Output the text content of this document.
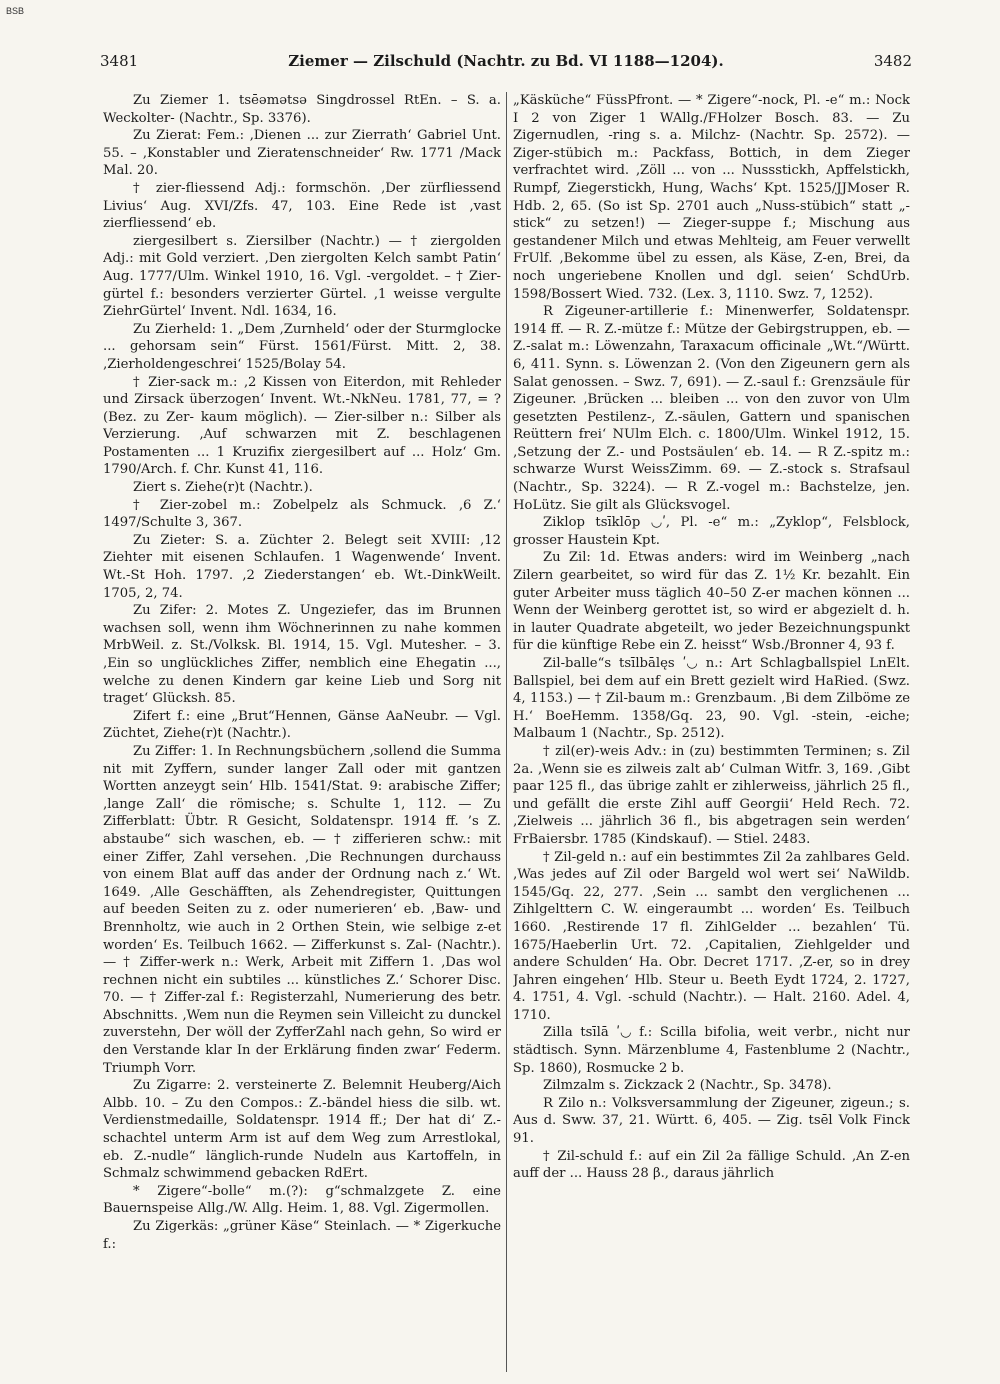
BSB
3481	Ziemer — Zilschuld (Nachtr. zu Bd. VI 1188—1204).	3482

Zu Ziemer 1. tsēəmətsə Singdrossel RtEn. – S. a. Weckolter- (Nachtr., Sp. 3376).

Zu Zierat: Fem.: ‚Dienen ... zur Zierrath‘ Gabriel Unt. 55. – ‚Konstabler und Zieratenschneider‘ Rw. 1771 /Mack Mal. 20.

† zier-fliessend Adj.: formschön. ‚Der zürfliessend Livius‘ Aug. XVI/Zfs. 47, 103. Eine Rede ist ‚vast zierfliessend‘ eb.

ziergesilbert s. Ziersilber (Nachtr.) — † ziergolden Adj.: mit Gold verziert. ‚Den ziergolten Kelch sambt Patin‘ Aug. 1777/Ulm. Winkel 1910, 16. Vgl. -vergoldet. – † Zier-gürtel f.: besonders verzierter Gürtel. ‚1 weisse vergulte ZiehrGürtel‘ Invent. Ndl. 1634, 16.

Zu Zierheld: 1. „Dem ‚Zurnheld‘ oder der Sturmglocke ... gehorsam sein“ Fürst. 1561/Fürst. Mitt. 2, 38. ‚Zierholdengeschrei‘ 1525/Bolay 54.

† Zier-sack m.: ‚2 Kissen von Eiterdon, mit Rehleder und Zirsack überzogen‘ Invent. Wt.-NkNeu. 1781, 77, = ? (Bez. zu Zer- kaum möglich). — Zier-silber n.: Silber als Verzierung. ‚Auf schwarzen mit Z. beschlagenen Postamenten ... 1 Kruzifix ziergesilbert auf ... Holz‘ Gm. 1790/Arch. f. Chr. Kunst 41, 116.

Ziert s. Ziehe(r)t (Nachtr.).

† Zier-zobel m.: Zobelpelz als Schmuck. ‚6 Z.‘ 1497/Schulte 3, 367.

Zu Zieter: S. a. Züchter 2. Belegt seit XVIII: ‚12 Ziehter mit eisenen Schlaufen. 1 Wagenwende‘ Invent. Wt.-St Hoh. 1797. ‚2 Ziederstangen‘ eb. Wt.-DinkWeilt. 1705, 2, 74.

Zu Zifer: 2. Motes Z. Ungeziefer, das im Brunnen wachsen soll, wenn ihm Wöchnerinnen zu nahe kommen MrbWeil. z. St./Volksk. Bl. 1914, 15. Vgl. Mutesher. – 3. ‚Ein so unglückliches Ziffer, nemblich eine Ehegatin ..., welche zu denen Kindern gar keine Lieb und Sorg nit traget‘ Glücksh. 85.

Zifert f.: eine „Brut“Hennen, Gänse AaNeubr. — Vgl. Züchtet, Ziehe(r)t (Nachtr.).

Zu Ziffer: 1. In Rechnungsbüchern ‚sollend die Summa nit mit Zyffern, sunder langer Zall oder mit gantzen Wortten anzeygt sein‘ Hlb. 1541/Stat. 9: arabische Ziffer; ‚lange Zall‘ die römische; s. Schulte 1, 112. — Zu Zifferblatt: Übtr. R Gesicht, Soldatenspr. 1914 ff. ’s Z. abstaube“ sich waschen, eb. — † zifferieren schw.: mit einer Ziffer, Zahl versehen. ‚Die Rechnungen durchauss von einem Blat auff das ander der Ordnung nach z.‘ Wt. 1649. ‚Alle Geschäfften, als Zehendregister, Quittungen auf beeden Seiten zu z. oder numerieren‘ eb. ‚Baw- und Brennholtz, wie auch in 2 Orthen Stein, wie selbige z-et worden‘ Es. Teilbuch 1662. — Zifferkunst s. Zal- (Nachtr.). — † Ziffer-werk n.: Werk, Arbeit mit Ziffern 1. ‚Das wol rechnen nicht ein subtiles ... künstliches Z.‘ Schorer Disc. 70. — † Ziffer-zal f.: Registerzahl, Numerierung des betr. Abschnitts. ‚Wem nun die Reymen sein Villeicht zu dunckel zuverstehn, Der wöll der ZyfferZahl nach gehn, So wird er den Verstande klar In der Erklärung finden zwar‘ Federm. Triumph Vorr.

Zu Zigarre: 2. versteinerte Z. Belemnit Heuberg/Aich Albb. 10. – Zu den Compos.: Z.-bändel hiess die silb. wt. Verdienstmedaille, Soldatenspr. 1914 ff.; Der hat di‘ Z.-schachtel unterm Arm ist auf dem Weg zum Arrestlokal, eb. Z.-nudle“ länglich-runde Nudeln aus Kartoffeln, in Schmalz schwimmend gebacken RdErt.

* Zigere“-bolle“ m.(?): g“schmalzgete Z. eine Bauernspeise Allg./W. Allg. Heim. 1, 88. Vgl. Zigermollen.

Zu Zigerkäs: „grüner Käse“ Steinlach. — * Zigerkuche f.:

„Käsküche“ FüssPfront. — * Zigere“-nock, Pl. -e“ m.: Nock I 2 von Ziger 1 WAllg./FHolzer Bosch. 83. — Zu Zigernudlen, -ring s. a. Milchz- (Nachtr. Sp. 2572). — Ziger-stübich m.: Packfass, Bottich, in dem Zieger verfrachtet wird. ‚Zöll ... von ... Nussstickh, Apffelstickh, Rumpf, Ziegerstickh, Hung, Wachs‘ Kpt. 1525/JJMoser R. Hdb. 2, 65. (So ist Sp. 2701 auch „Nuss-stübich“ statt „-stick“ zu setzen!) — Zieger-suppe f.; Mischung aus gestandener Milch und etwas Mehlteig, am Feuer verwellt FrUlf. ‚Bekomme übel zu essen, als Käse, Z-en, Brei, da noch ungeriebene Knollen und dgl. seien‘ SchdUrb. 1598/Bossert Wied. 732. (Lex. 3, 1110. Swz. 7, 1252).

R Zigeuner-artillerie f.: Minenwerfer, Soldatenspr. 1914 ff. — R. Z.-mütze f.: Mütze der Gebirgstruppen, eb. — Z.-salat m.: Löwenzahn, Taraxacum officinale „Wt.“/Württ. 6, 411. Synn. s. Löwenzan 2. (Von den Zigeunern gern als Salat genossen. – Swz. 7, 691). — Z.-saul f.: Grenzsäule für Zigeuner. ‚Brücken ... bleiben ... von den zuvor von Ulm gesetzten Pestilenz-, Z.-säulen, Gattern und spanischen Reüttern frei‘ NUlm Elch. c. 1800/Ulm. Winkel 1912, 15. ‚Setzung der Z.- und Postsäulen‘ eb. 14. — R Z.-spitz m.: schwarze Wurst WeissZimm. 69. — Z.-stock s. Strafsaul (Nachtr., Sp. 3224). — R Z.-vogel m.: Bachstelze, jen. HoLütz. Sie gilt als Glücksvogel.

Ziklop tsīklōp ◡ʹ, Pl. -e“ m.: „Zyklop“, Felsblock, grosser Haustein Kpt.

Zu Zil: 1d. Etwas anders: wird im Weinberg „nach Zilern gearbeitet, so wird für das Z. 1½ Kr. bezahlt. Ein guter Arbeiter muss täglich 40–50 Z-er machen können ... Wenn der Weinberg gerottet ist, so wird er abgezielt d. h. in lauter Quadrate abgeteilt, wo jeder Bezeichnungspunkt für die künftige Rebe ein Z. heisst“ Wsb./Bronner 4, 93 f.

Zil-balle“s tsīlbālęs ʹ◡ n.: Art Schlagballspiel LnElt. Ballspiel, bei dem auf ein Brett gezielt wird HaRied. (Swz. 4, 1153.) — † Zil-baum m.: Grenzbaum. ‚Bi dem Zilböme ze H.‘ BoeHemm. 1358/Gq. 23, 90. Vgl. -stein, -eiche; Malbaum 1 (Nachtr., Sp. 2512).

† zil(er)-weis Adv.: in (zu) bestimmten Terminen; s. Zil 2a. ‚Wenn sie es zilweis zalt ab‘ Culman Witfr. 3, 169. ‚Gibt paar 125 fl., das übrige zahlt er zihlerweiss, jährlich 25 fl., und gefällt die erste Zihl auff Georgii‘ Held Rech. 72. ‚Zielweis ... jährlich 36 fl., bis abgetragen sein werden‘ FrBaiersbr. 1785 (Kindskauf). — Stiel. 2483.

† Zil-geld n.: auf ein bestimmtes Zil 2a zahlbares Geld. ‚Was jedes auf Zil oder Bargeld wol wert sei‘ NaWildb. 1545/Gq. 22, 277. ‚Sein ... sambt den verglichenen ... Zihlgelttern C. W. eingeraumbt ... worden‘ Es. Teilbuch 1660. ‚Restirende 17 fl. ZihlGelder ... bezahlen‘ Tü. 1675/Haeberlin Urt. 72. ‚Capitalien, Ziehlgelder und andere Schulden‘ Ha. Obr. Decret 1717. ‚Z-er, so in drey Jahren eingehen‘ Hlb. Steur u. Beeth Eydt 1724, 2. 1727, 4. 1751, 4. Vgl. -schuld (Nachtr.). — Halt. 2160. Adel. 4, 1710.

Zilla tsīlā ʹ◡ f.: Scilla bifolia, weit verbr., nicht nur städtisch. Synn. Märzenblume 4, Fastenblume 2 (Nachtr., Sp. 1860), Rosmucke 2 b.

Zilmzalm s. Zickzack 2 (Nachtr., Sp. 3478).

R Zilo n.: Volksversammlung der Zigeuner, zigeun.; s. Aus d. Sww. 37, 21. Württ. 6, 405. — Zig. tsēl Volk Finck 91.

† Zil-schuld f.: auf ein Zil 2a fällige Schuld. ‚An Z-en auff der ... Hauss 28 β., daraus jährlich
